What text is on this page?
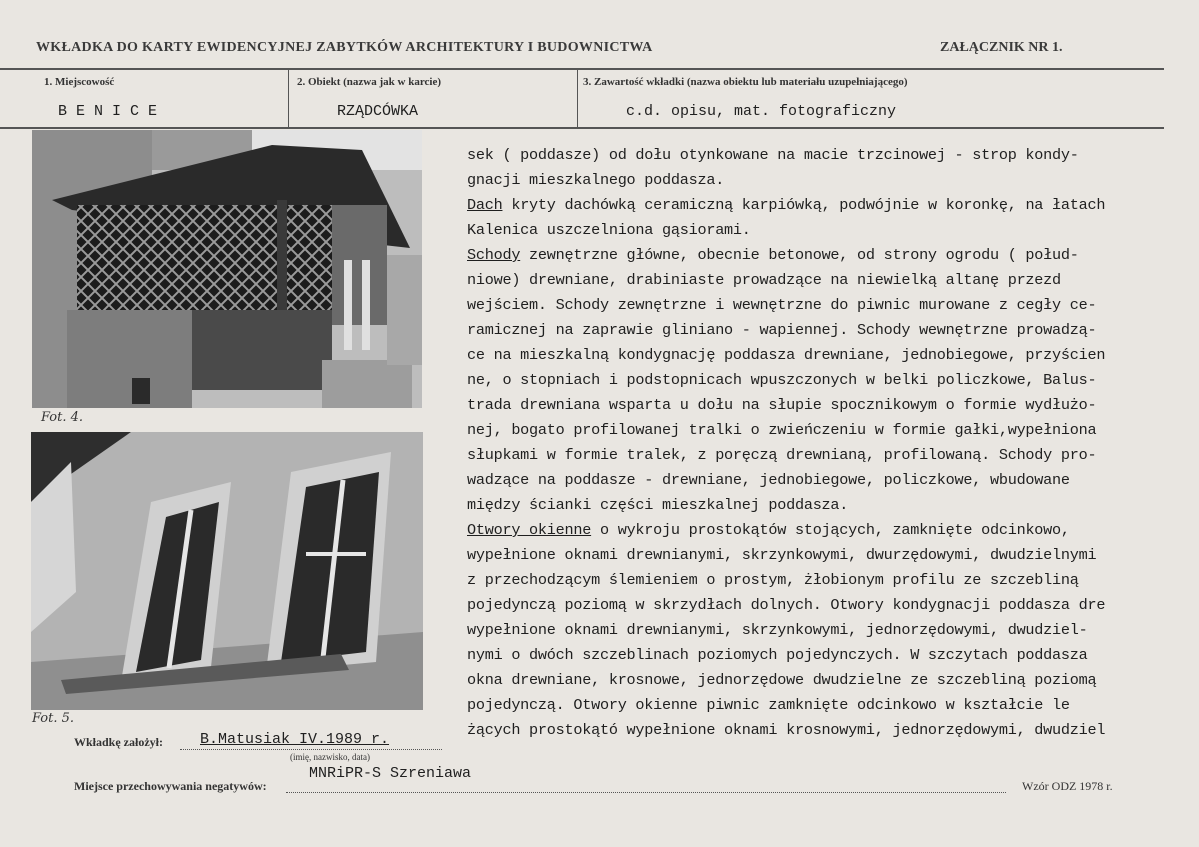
WKŁADKA DO KARTY EWIDENCYJNEJ ZABYTKÓW ARCHITEKTURY I BUDOWNICTWA	ZAŁĄCZNIK NR 1.
1. Miejscowość
B E N I C E
2. Obiekt (nazwa jak w karcie)
RZĄDCÓWKA
3. Zawartość wkładki (nazwa obiektu lub materiału uzupełniającego)
c.d. opisu, mat. fotograficzny
Fot. 4.
Fot. 5.
sek ( poddasze) od dołu otynkowane na macie trzcinowej - strop kondy-
gnacji mieszkalnego poddasza.
Dach kryty dachówką ceramiczną karpiówką, podwójnie w koronkę, na łatach
Kalenica uszczelniona gąsiorami.
Schody zewnętrzne główne, obecnie betonowe, od strony ogrodu ( połud-
niowe) drewniane, drabiniaste prowadzące na niewielką altanę przezd
wejściem. Schody zewnętrzne i wewnętrzne do piwnic murowane z cegły ce-
ramicznej na zaprawie gliniano - wapiennej. Schody wewnętrzne prowadzą-
ce na mieszkalną kondygnację poddasza drewniane, jednobiegowe, przyścien
ne, o stopniach i podstopnicach wpuszczonych w belki policzkowe, Balus-
trada drewniana wsparta u dołu na słupie spocznikowym o formie wydłużo-
nej, bogato profilowanej tralki o zwieńczeniu w formie gałki,wypełniona
słupkami w formie tralek, z poręczą drewnianą, profilowaną. Schody pro-
wadzące na poddasze - drewniane, jednobiegowe, policzkowe, wbudowane
między ścianki części mieszkalnej poddasza.
Otwory okienne o wykroju prostokątów stojących, zamknięte odcinkowo,
wypełnione oknami drewnianymi, skrzynkowymi, dwurzędowymi, dwudzielnymi
z przechodzącym ślemieniem o prostym, żłobionym profilu ze szczebliną
pojedynczą poziomą w skrzydłach dolnych. Otwory kondygnacji poddasza dre
wypełnione oknami drewnianymi, skrzynkowymi, jednorzędowymi, dwudziel-
nymi o dwóch szczeblinach poziomych pojedynczych. W szczytach poddasza
okna drewniane, krosnowe, jednorzędowe dwudzielne ze szczebliną poziomą
pojedynczą. Otwory okienne piwnic zamknięte odcinkowo w kształcie le
żących prostokątó wypełnione oknami krosnowymi, jednorzędowymi, dwudziel
Wkładkę założył: B.Matusiak IV.1989 r.
(imię, nazwisko, data)
Miejsce przechowywania negatywów:
MNRiPR-S Szreniawa
Wzór ODZ 1978 r.
